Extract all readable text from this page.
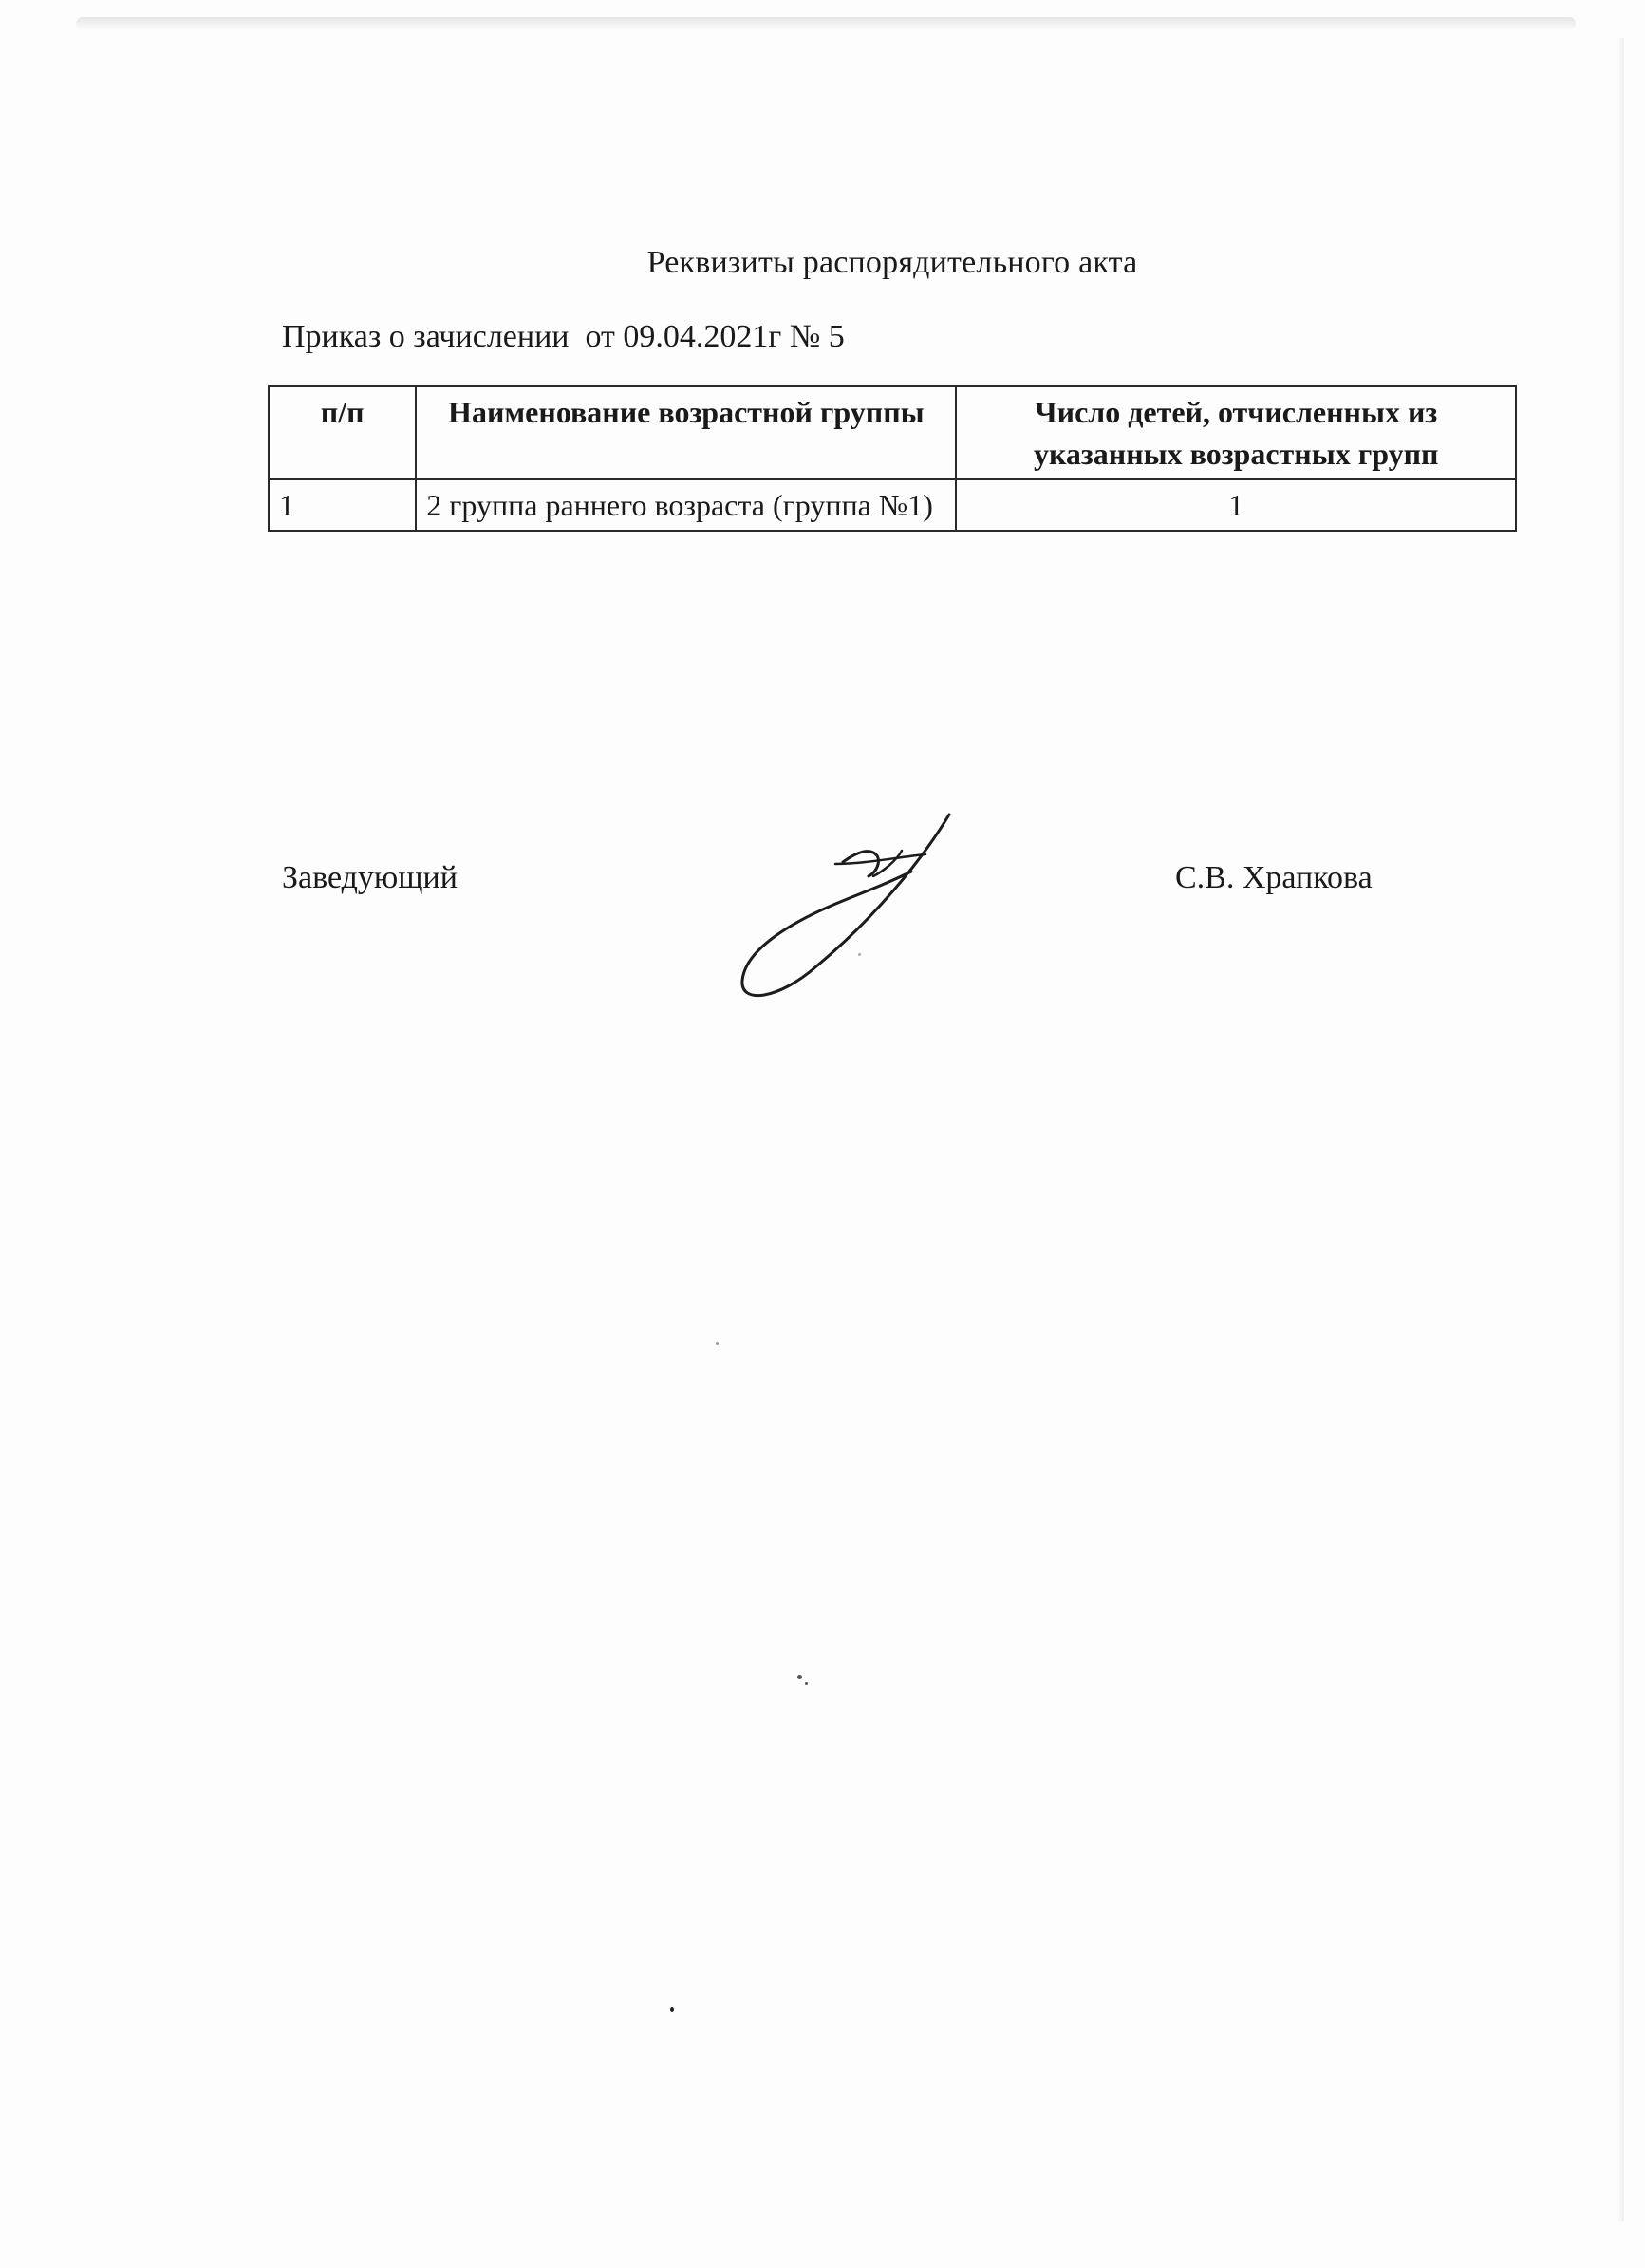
Реквизиты распорядительного акта
Приказ о зачислении  от 09.04.2021г № 5
п/п	Наименование возрастной группы	Число детей, отчисленных из указанных возрастных групп
1	2 группа раннего возраста (группа №1)	1
Заведующий	С.В. Храпкова
